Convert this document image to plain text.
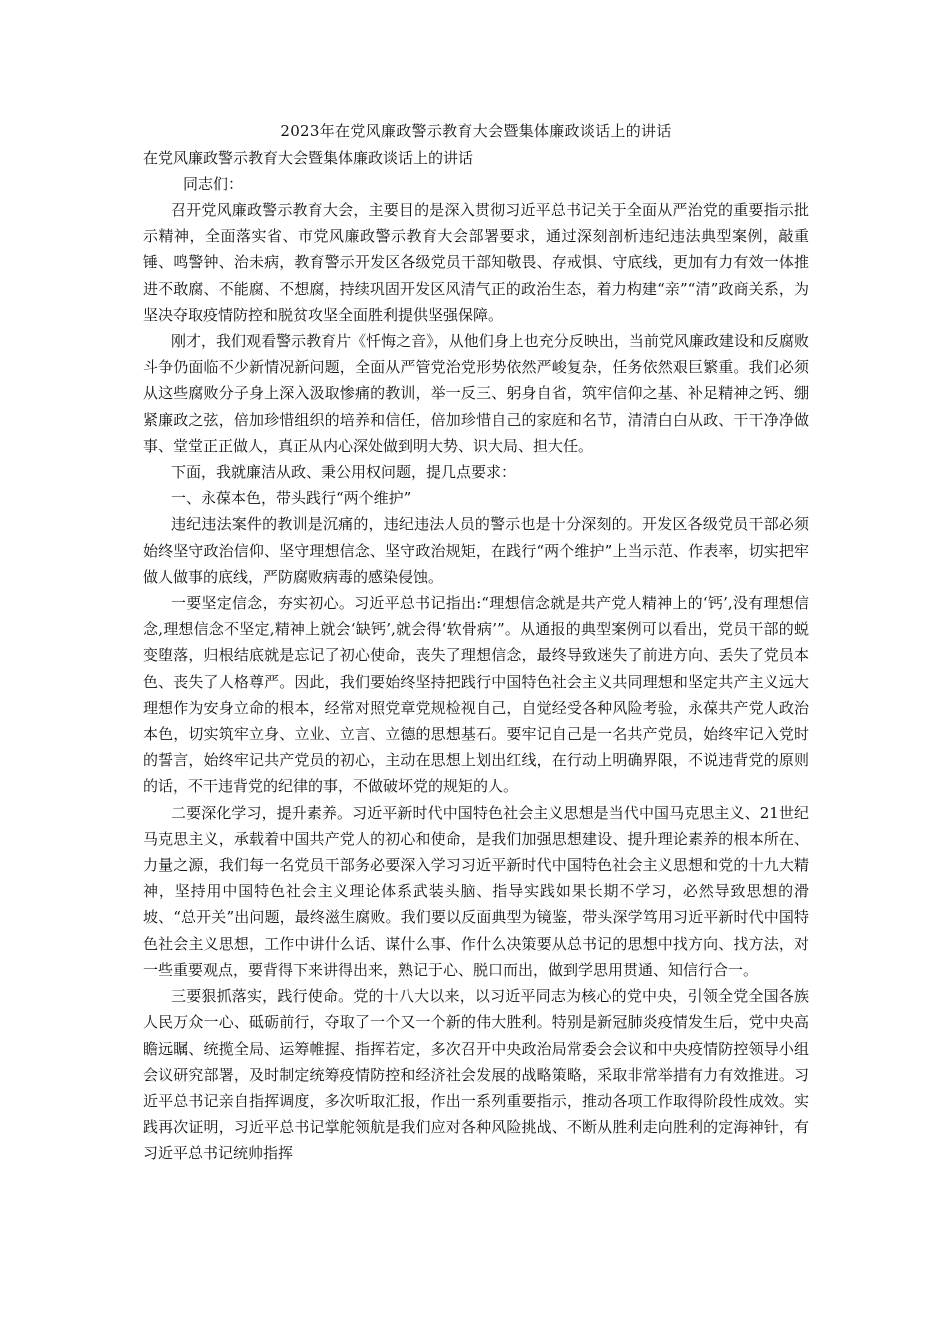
2023年在党风廉政警示教育大会暨集体廉政谈话上的讲话

在党风廉政警示教育大会暨集体廉政谈话上的讲话

同志们：

召开党风廉政警示教育大会，主要目的是深入贯彻习近平总书记关于全面从严治党的重要指示批示精神，全面落实省、市党风廉政警示教育大会部署要求，通过深刻剖析违纪违法典型案例，敲重锤、鸣警钟、治未病，教育警示开发区各级党员干部知敬畏、存戒惧、守底线，更加有力有效一体推进不敢腐、不能腐、不想腐，持续巩固开发区风清气正的政治生态，着力构建“亲”“清”政商关系，为坚决夺取疫情防控和脱贫攻坚全面胜利提供坚强保障。

刚才，我们观看警示教育片《忏悔之音》，从他们身上也充分反映出，当前党风廉政建设和反腐败斗争仍面临不少新情况新问题，全面从严管党治党形势依然严峻复杂，任务依然艰巨繁重。我们必须从这些腐败分子身上深入汲取惨痛的教训，举一反三、躬身自省，筑牢信仰之基、补足精神之钙、绷紧廉政之弦，倍加珍惜组织的培养和信任，倍加珍惜自己的家庭和名节，清清白白从政、干干净净做事、堂堂正正做人，真正从内心深处做到明大势、识大局、担大任。

下面，我就廉洁从政、秉公用权问题，提几点要求：

一、永葆本色，带头践行“两个维护”

违纪违法案件的教训是沉痛的，违纪违法人员的警示也是十分深刻的。开发区各级党员干部必须始终坚守政治信仰、坚守理想信念、坚守政治规矩，在践行“两个维护”上当示范、作表率，切实把牢做人做事的底线，严防腐败病毒的感染侵蚀。

一要坚定信念，夯实初心。习近平总书记指出:“理想信念就是共产党人精神上的‘钙’,没有理想信念,理想信念不坚定,精神上就会‘缺钙’,就会得‘软骨病’”。从通报的典型案例可以看出，党员干部的蜕变堕落，归根结底就是忘记了初心使命，丧失了理想信念，最终导致迷失了前进方向、丢失了党员本色、丧失了人格尊严。因此，我们要始终坚持把践行中国特色社会主义共同理想和坚定共产主义远大理想作为安身立命的根本，经常对照党章党规检视自己，自觉经受各种风险考验，永葆共产党人政治本色，切实筑牢立身、立业、立言、立德的思想基石。要牢记自己是一名共产党员，始终牢记入党时的誓言，始终牢记共产党员的初心，主动在思想上划出红线，在行动上明确界限，不说违背党的原则的话，不干违背党的纪律的事，不做破坏党的规矩的人。

二要深化学习，提升素养。习近平新时代中国特色社会主义思想是当代中国马克思主义、21世纪马克思主义，承载着中国共产党人的初心和使命，是我们加强思想建设、提升理论素养的根本所在、力量之源，我们每一名党员干部务必要深入学习习近平新时代中国特色社会主义思想和党的十九大精神，坚持用中国特色社会主义理论体系武装头脑、指导实践如果长期不学习，必然导致思想的滑坡、“总开关”出问题，最终滋生腐败。我们要以反面典型为镜鉴，带头深学笃用习近平新时代中国特色社会主义思想，工作中讲什么话、谋什么事、作什么决策要从总书记的思想中找方向、找方法，对一些重要观点，要背得下来讲得出来，熟记于心、脱口而出，做到学思用贯通、知信行合一。

三要狠抓落实，践行使命。党的十八大以来，以习近平同志为核心的党中央，引领全党全国各族人民万众一心、砥砺前行，夺取了一个又一个新的伟大胜利。特别是新冠肺炎疫情发生后，党中央高瞻远瞩、统揽全局、运筹帷握、指挥若定，多次召开中央政治局常委会会议和中央疫情防控领导小组会议研究部署，及时制定统筹疫情防控和经济社会发展的战略策略，采取非常举措有力有效推进。习近平总书记亲自指挥调度，多次听取汇报，作出一系列重要指示，推动各项工作取得阶段性成效。实践再次证明，习近平总书记掌舵领航是我们应对各种风险挑战、不断从胜利走向胜利的定海神针，有习近平总书记统帅指挥
